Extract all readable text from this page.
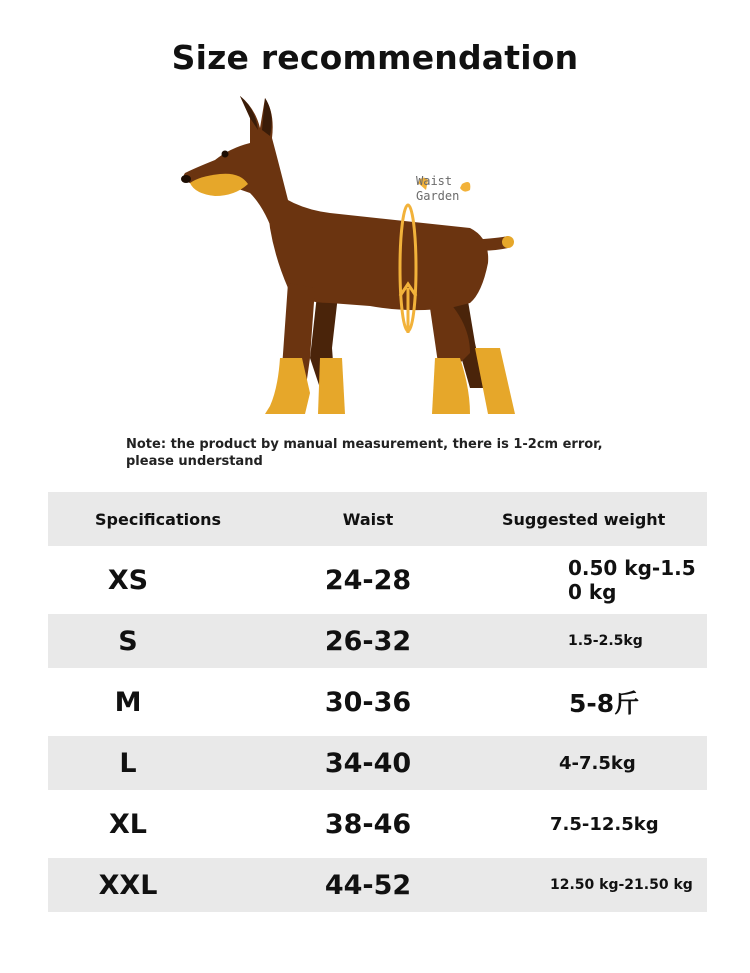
Size recommendation
Waist
Garden
Note: the product by manual measurement, there is 1-2cm error, please understand
Specifications	Waist	Suggested weight
XS	24-28	0.50 kg-1.5 0 kg
S	26-32	1.5-2.5kg
M	30-36	5-8斤
L	34-40	4-7.5kg
XL	38-46	7.5-12.5kg
XXL	44-52	12.50 kg-21.50 kg
